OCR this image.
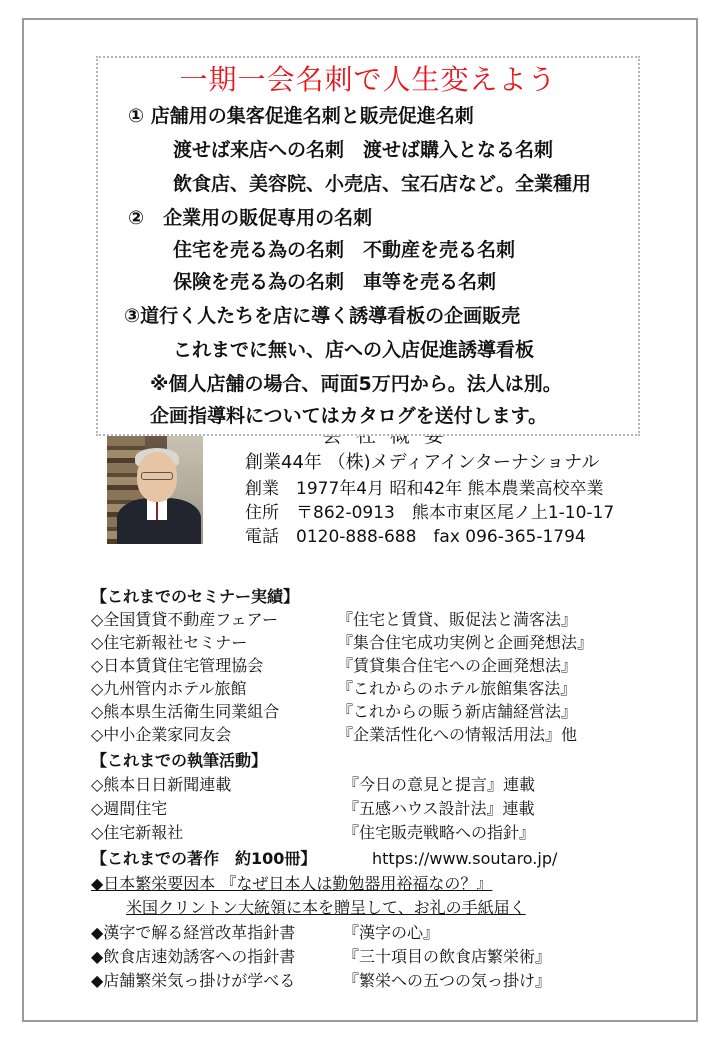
創業44年 （株)メディアインターナショナル
創業　1977年4月 昭和42年 熊本農業高校卒業
住所　〒862-0913　熊本市東区尾ノ上1-10-17
電話　0120-888-688　fax 096-365-1794
一期一会名刺で人生変えよう
① 店舗用の集客促進名刺と販売促進名刺
渡せば来店への名刺　渡せば購入となる名刺
飲食店、美容院、小売店、宝石店など。全業種用
②　企業用の販促専用の名刺
住宅を売る為の名刺　不動産を売る名刺
保険を売る為の名刺　車等を売る名刺
③道行く人たちを店に導く誘導看板の企画販売
これまでに無い、店への入店促進誘導看板
※個人店舗の場合、両面5万円から。法人は別。
企画指導料についてはカタログを送付します。
【これまでのセミナー実績】
◇全国賃貸不動産フェアー	『住宅と賃貸、販促法と満客法』
◇住宅新報社セミナー	『集合住宅成功実例と企画発想法』
◇日本賃貸住宅管理協会	『賃貸集合住宅への企画発想法』
◇九州管内ホテル旅館	『これからのホテル旅館集客法』
◇熊本県生活衛生同業組合	『これからの賑う新店舗経営法』
◇中小企業家同友会	『企業活性化への情報活用法』他
【これまでの執筆活動】
◇熊本日日新聞連載	『今日の意見と提言』連載
◇週間住宅	『五感ハウス設計法』連載
◇住宅新報社	『住宅販売戦略への指針』
【これまでの著作　約100冊】	https://www.soutaro.jp/
◆日本繁栄要因本 『なぜ日本人は勤勉器用裕福なの？』
米国クリントン大統領に本を贈呈して、お礼の手紙届く
◆漢字で解る経営改革指針書	『漢字の心』
◆飲食店速効誘客への指針書	『三十項目の飲食店繁栄術』
◆店舗繁栄気っ掛けが学べる	『繁栄への五つの気っ掛け』
